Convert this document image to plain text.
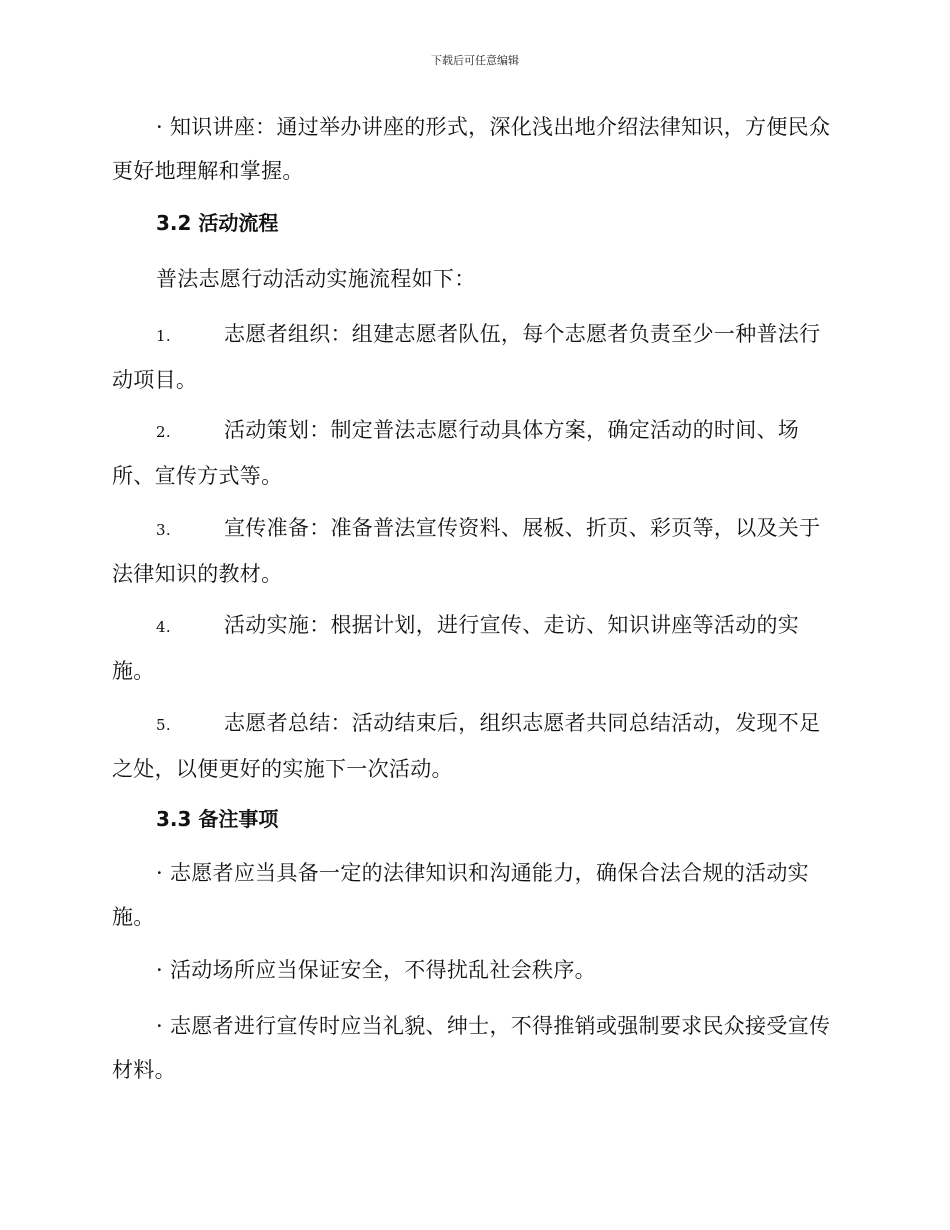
下载后可任意编辑

· 知识讲座：通过举办讲座的形式，深化浅出地介绍法律知识，方便民众更好地理解和掌握。

3.2 活动流程

普法志愿行动活动实施流程如下：

1.	志愿者组织：组建志愿者队伍，每个志愿者负责至少一种普法行动项目。

2.	活动策划：制定普法志愿行动具体方案，确定活动的时间、场所、宣传方式等。

3.	宣传准备：准备普法宣传资料、展板、折页、彩页等，以及关于法律知识的教材。

4.	活动实施：根据计划，进行宣传、走访、知识讲座等活动的实施。

5.	志愿者总结：活动结束后，组织志愿者共同总结活动，发现不足之处，以便更好的实施下一次活动。

3.3 备注事项

· 志愿者应当具备一定的法律知识和沟通能力，确保合法合规的活动实施。

· 活动场所应当保证安全，不得扰乱社会秩序。

· 志愿者进行宣传时应当礼貌、绅士，不得推销或强制要求民众接受宣传材料。
